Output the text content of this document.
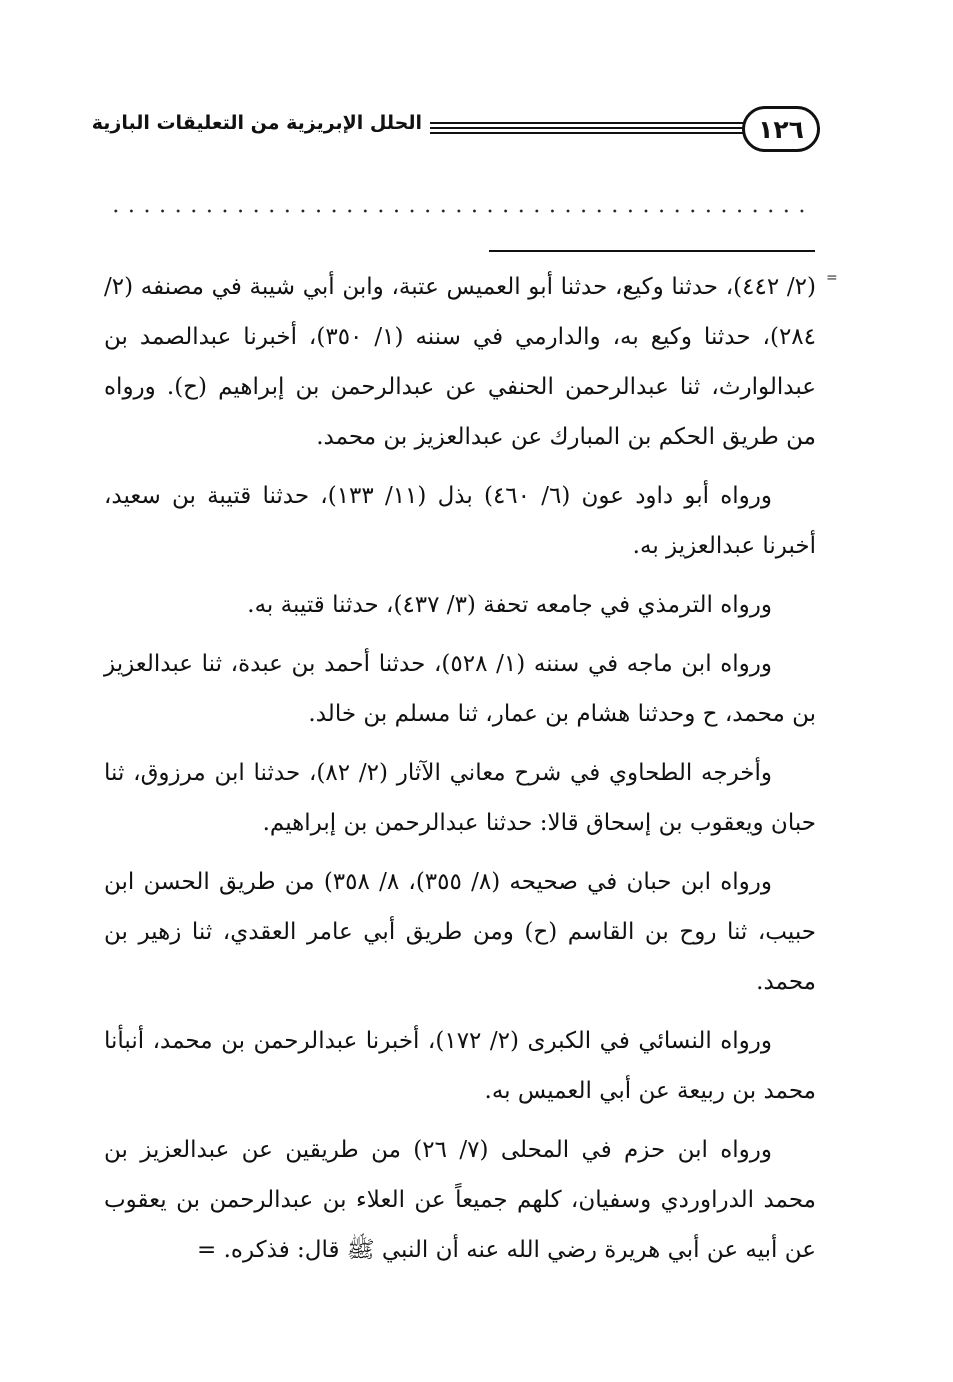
١٢٦
الحلل الإبريزية من التعليقات البازية
=

(٢/ ٤٤٢)، حدثنا وكيع، حدثنا أبو العميس عتبة، وابن أبي شيبة في مصنفه (٢/ ٢٨٤)، حدثنا وكيع به، والدارمي في سننه (١/ ٣٥٠)، أخبرنا عبدالصمد بن عبدالوارث، ثنا عبدالرحمن الحنفي عن عبدالرحمن بن إبراهيم (ح). ورواه من طريق الحكم بن المبارك عن عبدالعزيز بن محمد.

ورواه أبو داود عون (٦/ ٤٦٠) بذل (١١/ ١٣٣)، حدثنا قتيبة بن سعيد، أخبرنا عبدالعزيز به.

ورواه الترمذي في جامعه تحفة (٣/ ٤٣٧)، حدثنا قتيبة به.

ورواه ابن ماجه في سننه (١/ ٥٢٨)، حدثنا أحمد بن عبدة، ثنا عبدالعزيز بن محمد، ح وحدثنا هشام بن عمار، ثنا مسلم بن خالد.

وأخرجه الطحاوي في شرح معاني الآثار (٢/ ٨٢)، حدثنا ابن مرزوق، ثنا حبان ويعقوب بن إسحاق قالا: حدثنا عبدالرحمن بن إبراهيم.

ورواه ابن حبان في صحيحه (٨/ ٣٥٥)، ٨/ ٣٥٨) من طريق الحسن ابن حبيب، ثنا روح بن القاسم (ح) ومن طريق أبي عامر العقدي، ثنا زهير بن محمد.

ورواه النسائي في الكبرى (٢/ ١٧٢)، أخبرنا عبدالرحمن بن محمد، أنبأنا محمد بن ربيعة عن أبي العميس به.

ورواه ابن حزم في المحلى (٧/ ٢٦) من طريقين عن عبدالعزيز بن محمد الدراوردي وسفيان، كلهم جميعاً عن العلاء بن عبدالرحمن بن يعقوب عن أبيه عن أبي هريرة رضي الله عنه أن النبي ﷺ قال: فذكره. =
